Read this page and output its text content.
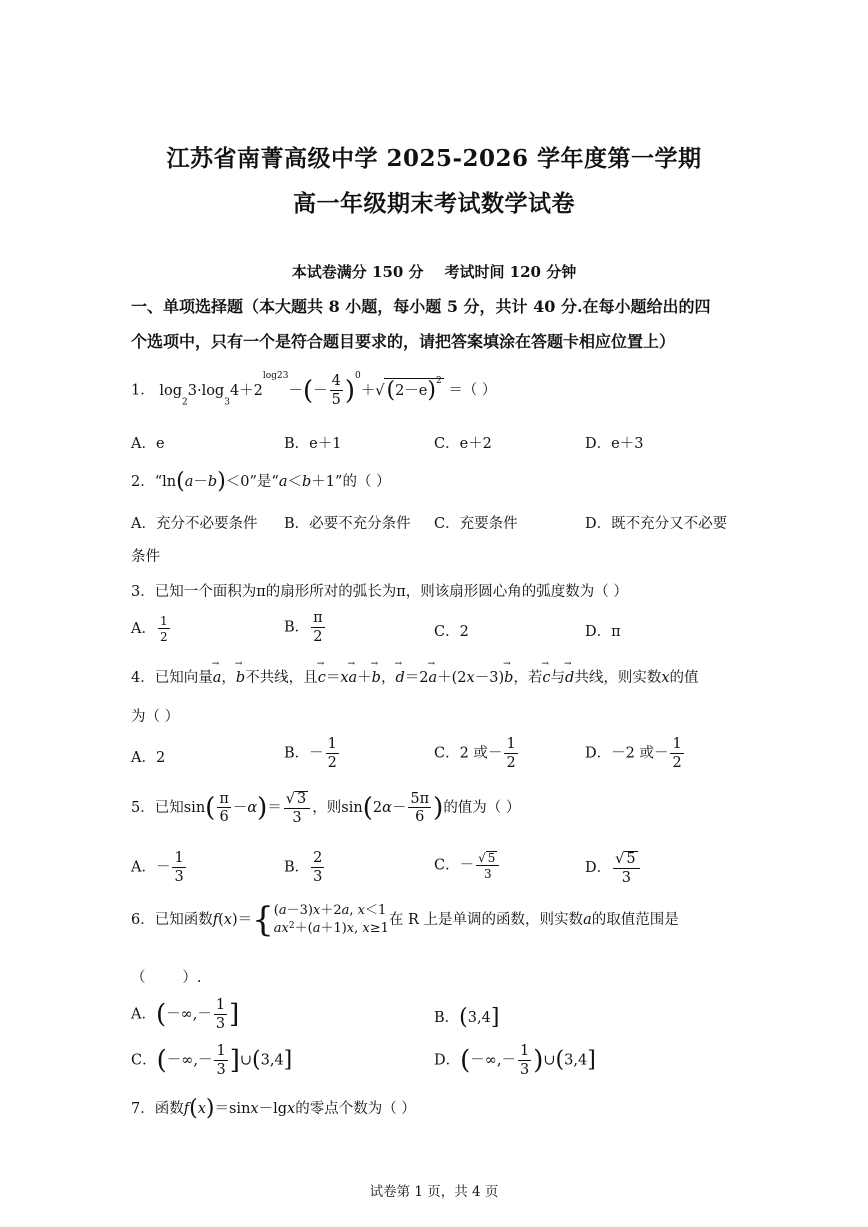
江苏省南菁高级中学 2025-2026 学年度第一学期
高一年级期末考试数学试卷
本试卷满分 150 分    考试时间 120 分钟
一、单项选择题（本大题共 8 小题，每小题 5 分，共计 40 分.在每小题给出的四
个选项中，只有一个是符合题目要求的，请把答案填涂在答题卡相应位置上）
1． $\log 23\cdot\log 34+2^{log23}-(- \frac{4}{5} )^0+√(2-e)^2$ ＝（ ）
A．e	B．e＋1	C．e＋2	D．e＋3
2．“ln(a－b)＜0”是“a＜b＋1”的（ ）
A．充分不必要条件 B．必要不充分条件 C．充要条件	D．既不充分又不必要
条件
3．已知一个面积为π的扇形所对的弧长为π，则该扇形圆心角的弧度数为（ ）
A． $\frac{1}{2}$	B． $\frac{\pi}{2}$	C．2	D．π
4．已知向量→ a，→ b不共线，且→ c＝x→ a＋→ b，→ d＝2→ a＋(2x－3)→ b，若→ c与→ d共线，则实数x的值
为（ ）
A．2	B．－ $\frac{1}{2}$	C．2 或－ $\frac{1}{2}$	D．－2 或－ $\frac{1}{2}$
5．已知$\sin( \frac{\pi}{6} -\alpha)= \frac{√ 3}{3}$ ，则$\sin(2\alpha- \frac{5\pi}{6}$ )的值为（ ）
A．－ $\frac{1}{3}$	B． $\frac{2}{3}$	C．－ $\frac{√ 5}{3}$	D． $\frac{√ 5}{3}$
6．已知函数f(x)＝ { (a－3)x＋2a, x＜1
$ax^2+(a+1)x$, x≥1
在 R 上是单调的函数，则实数a的取值范围是
（        ）.
A．(－∞,－ $\frac{1}{3}$ ]	B．(3,4]
C．(－∞,－ $\frac{1}{3}$ ]∪(3,4]	D．(－∞,－ $\frac{1}{3}$ )∪(3,4]
7．函数f(x)＝sinx－lgx的零点个数为（ ）
试卷第 1 页，共 4 页
